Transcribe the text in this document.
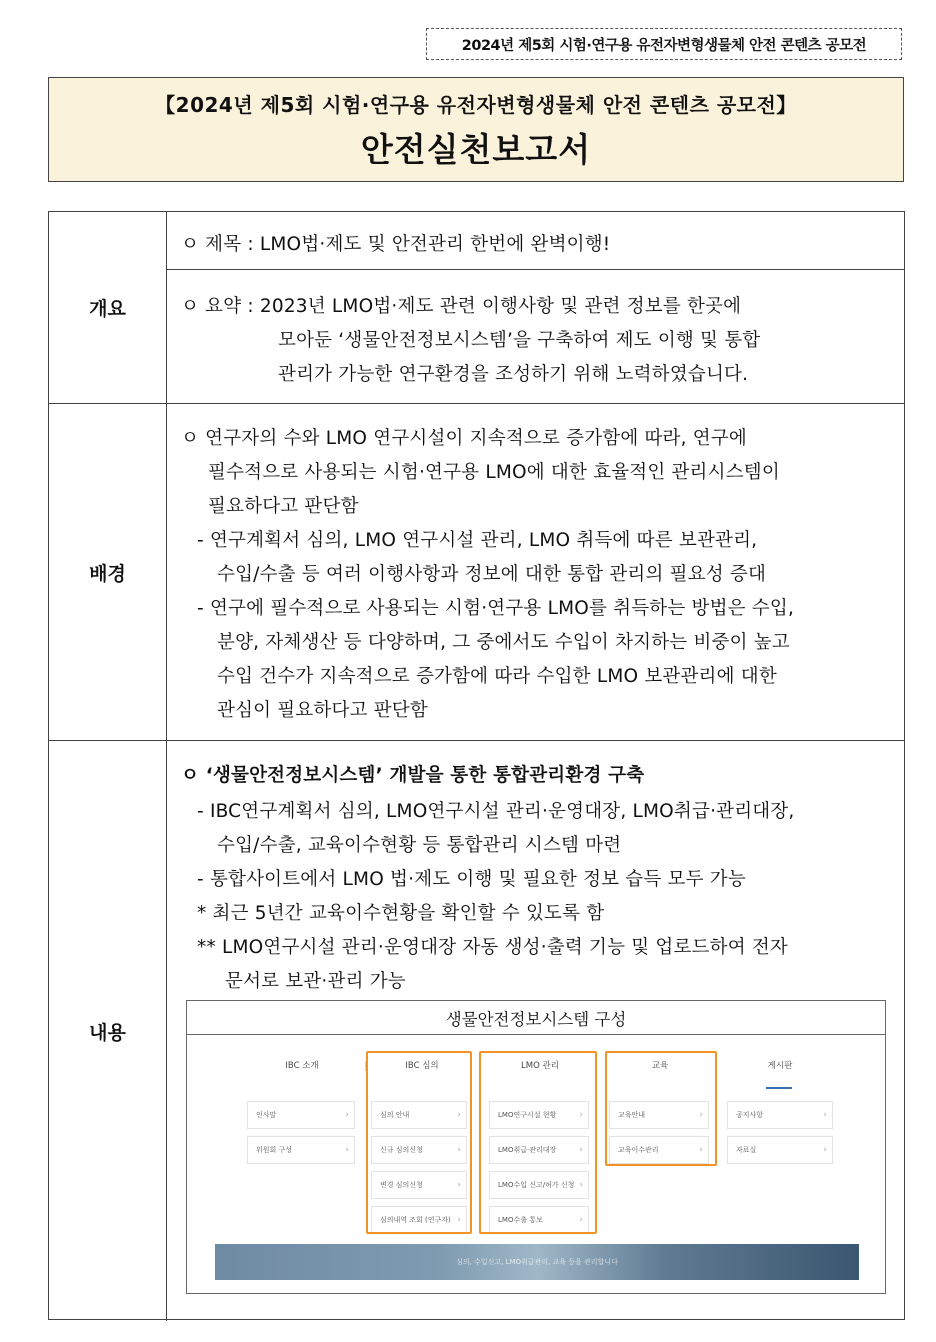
2024년 제5회 시험·연구용 유전자변형생물체 안전 콘텐츠 공모전
【2024년 제5회 시험·연구용 유전자변형생물체 안전 콘텐츠 공모전】
안전실천보고서
개요
ㅇ 제목 : LMO법·제도 및 안전관리 한번에 완벽이행!
ㅇ 요약 : 2023년 LMO법·제도 관련 이행사항 및 관련 정보를 한곳에
모아둔 ‘생물안전정보시스템’을 구축하여 제도 이행 및 통합
관리가 가능한 연구환경을 조성하기 위해 노력하였습니다.
배경
ㅇ 연구자의 수와 LMO 연구시설이 지속적으로 증가함에 따라, 연구에
필수적으로 사용되는 시험·연구용 LMO에 대한 효율적인 관리시스템이
필요하다고 판단함
- 연구계획서 심의, LMO 연구시설 관리, LMO 취득에 따른 보관관리,
수입/수출 등 여러 이행사항과 정보에 대한 통합 관리의 필요성 증대
- 연구에 필수적으로 사용되는 시험·연구용 LMO를 취득하는 방법은 수입,
분양, 자체생산 등 다양하며, 그 중에서도 수입이 차지하는 비중이 높고
수입 건수가 지속적으로 증가함에 따라 수입한 LMO 보관관리에 대한
관심이 필요하다고 판단함
내용
ㅇ ‘생물안전정보시스템’ 개발을 통한 통합관리환경 구축
- IBC연구계획서 심의, LMO연구시설 관리·운영대장, LMO취급·관리대장,
수입/수출, 교육이수현황 등 통합관리 시스템 마련
- 통합사이트에서 LMO 법·제도 이행 및 필요한 정보 습득 모두 가능
* 최근 5년간 교육이수현황을 확인할 수 있도록 함
** LMO연구시설 관리·운영대장 자동 생성·출력 기능 및 업로드하여 전자
문서로 보관·관리 가능
생물안전정보시스템 구성
IBC 소개	IBC 심의	LMO 관리	교육	게시판
인사말 ›
위원회 구성 ›
심의 안내 ›
신규 심의신청 ›
변경 심의신청 ›
심의내역 조회 (연구자) ›
LMO연구시설 현황 ›
LMO취급·관리대장 ›
LMO수입 신고/허가 신청 ›
LMO수출 통보 ›
교육안내 ›
교육이수관리 ›
공지사항 ›
자료실 ›
심의, 수입신고, LMO취급관리, 교육 등을 관리합니다
